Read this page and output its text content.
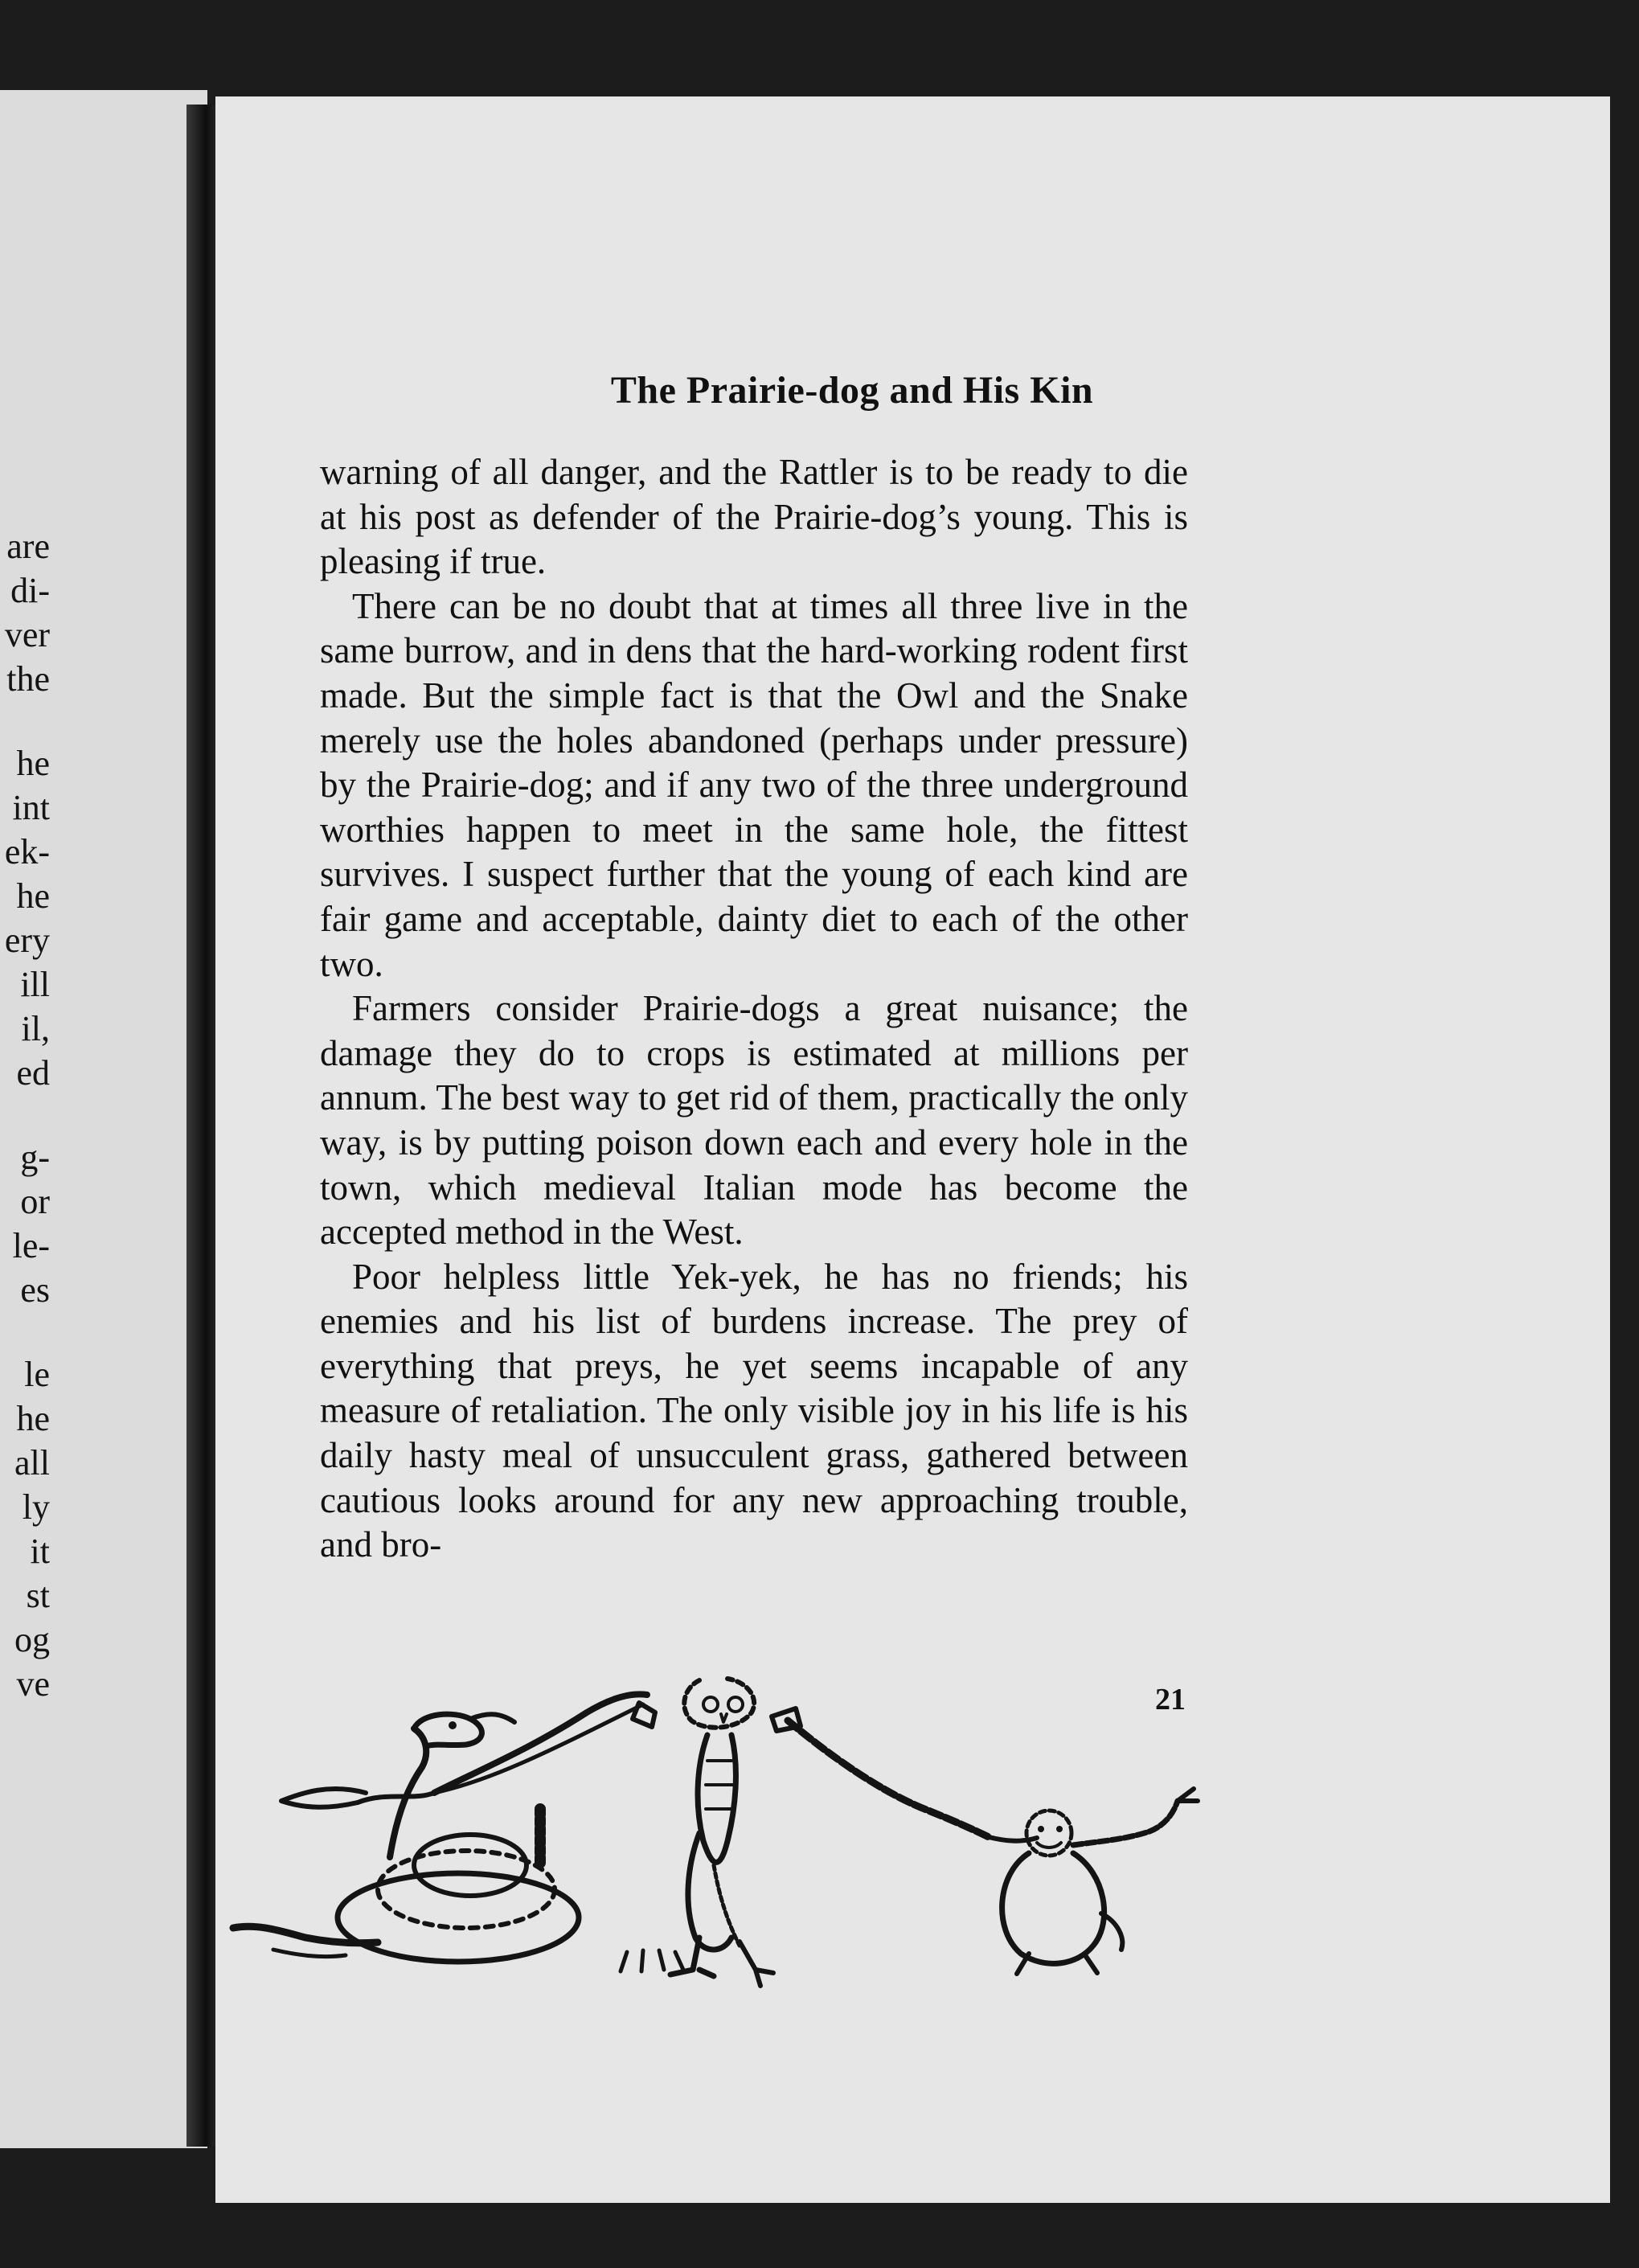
are
di-
ver
the
he
int
ek-
he
ery
ill
il,
ed
g-
or
le-
es
le
he
all
ly
it
st
og
ve
The Prairie-dog and His Kin

warning of all danger, and the Rattler is to be ready to die at his post as defender of the Prairie-dog’s young. This is pleasing if true.

There can be no doubt that at times all three live in the same burrow, and in dens that the hard-working rodent first made. But the simple fact is that the Owl and the Snake merely use the holes abandoned (perhaps under pressure) by the Prairie-dog; and if any two of the three underground worthies happen to meet in the same hole, the fittest survives. I suspect further that the young of each kind are fair game and acceptable, dainty diet to each of the other two.

Farmers consider Prairie-dogs a great nuisance; the damage they do to crops is estimated at millions per annum. The best way to get rid of them, practically the only way, is by putting poison down each and every hole in the town, which medieval Italian mode has become the accepted method in the West.

Poor helpless little Yek-yek, he has no friends; his enemies and his list of burdens increase. The prey of everything that preys, he yet seems incapable of any measure of retaliation. The only visible joy in his life is his daily hasty meal of unsucculent grass, gathered between cautious looks around for any new approaching trouble, and bro-

21
